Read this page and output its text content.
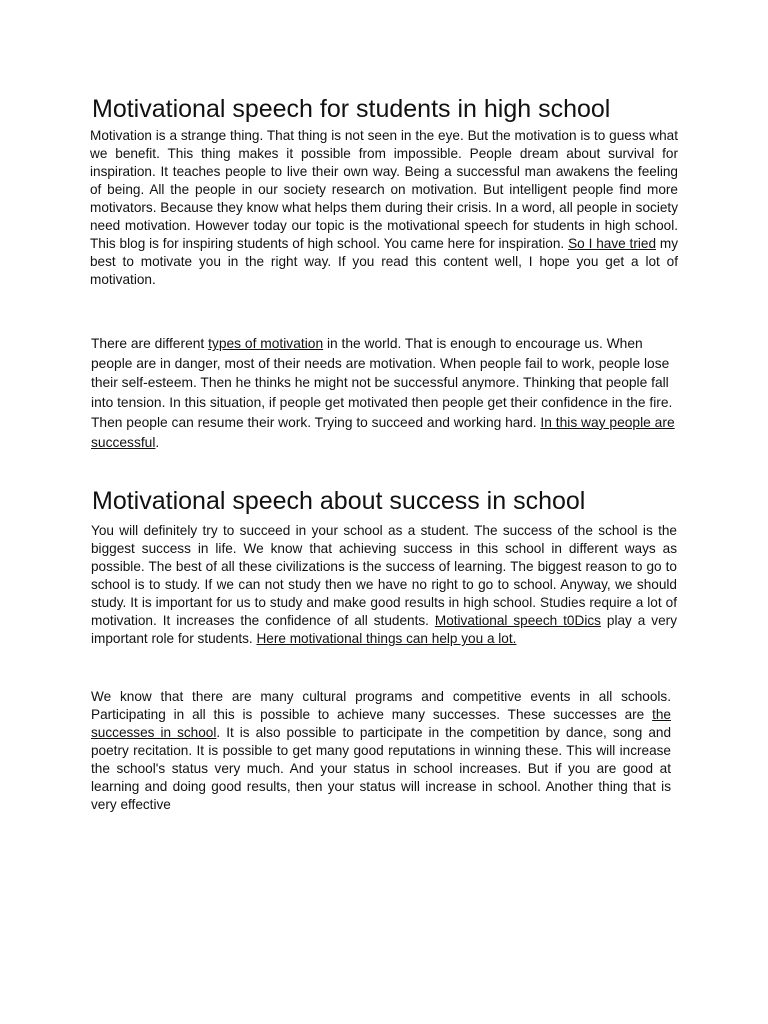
Motivational speech for students in high school

Motivation is a strange thing. That thing is not seen in the eye. But the motivation is to guess what we benefit. This thing makes it possible from impossible. People dream about survival for inspiration. It teaches people to live their own way. Being a successful man awakens the feeling of being. All the people in our society research on motivation. But intelligent people find more motivators. Because they know what helps them during their crisis. In a word, all people in society need motivation. However today our topic is the motivational speech for students in high school. This blog is for inspiring students of high school. You came here for inspiration. So I have tried my best to motivate you in the right way. If you read this content well, I hope you get a lot of motivation.

There are different types of motivation in the world. That is enough to encourage us. When people are in danger, most of their needs are motivation. When people fail to work, people lose their self-esteem. Then he thinks he might not be successful anymore. Thinking that people fall into tension. In this situation, if people get motivated then people get their confidence in the fire. Then people can resume their work. Trying to succeed and working hard. In this way people are successful.

Motivational speech about success in school

You will definitely try to succeed in your school as a student. The success of the school is the biggest success in life. We know that achieving success in this school in different ways as possible. The best of all these civilizations is the success of learning. The biggest reason to go to school is to study. If we can not study then we have no right to go to school. Anyway, we should study. It is important for us to study and make good results in high school. Studies require a lot of motivation. It increases the confidence of all students. Motivational speech t0Dics play a very important role for students. Here motivational things can help you a lot.

We know that there are many cultural programs and competitive events in all schools. Participating in all this is possible to achieve many successes. These successes are the successes in school. It is also possible to participate in the competition by dance, song and poetry recitation. It is possible to get many good reputations in winning these. This will increase the school's status very much. And your status in school increases. But if you are good at learning and doing good results, then your status will increase in school. Another thing that is very effective
